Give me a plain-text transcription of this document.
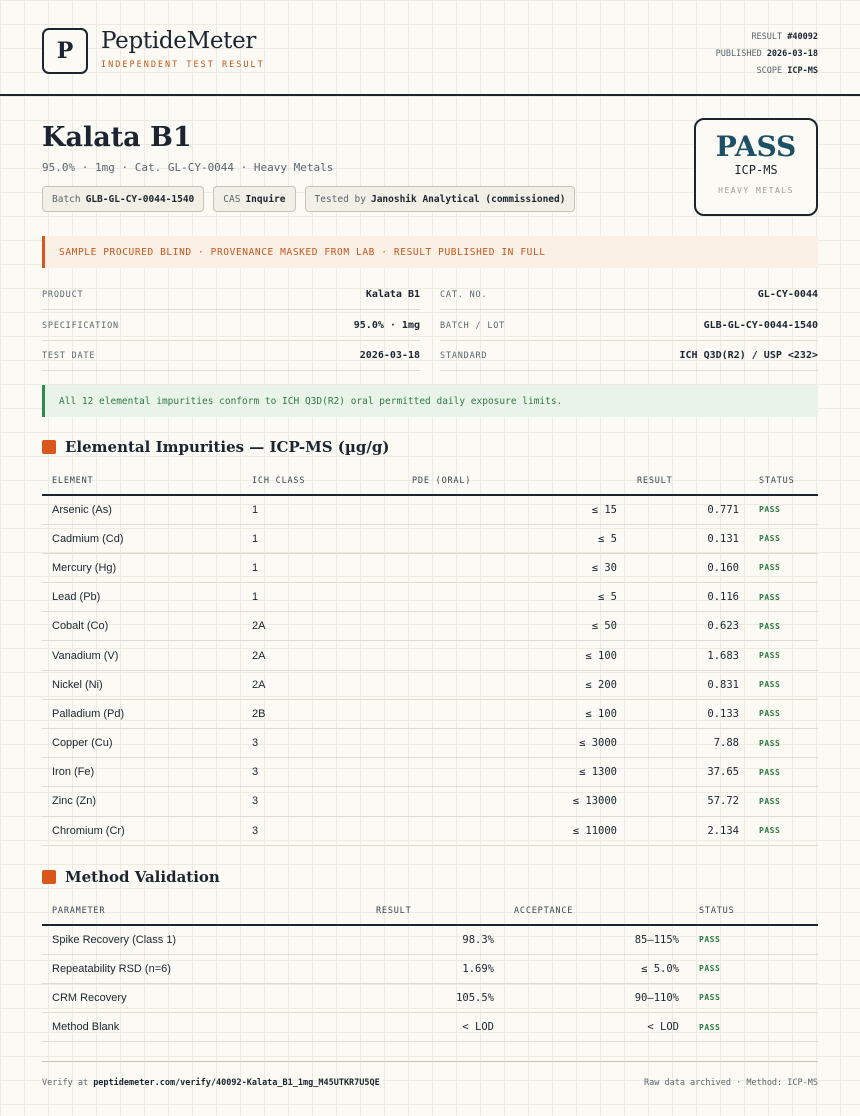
P	PeptideMeter
INDEPENDENT TEST RESULT
RESULT #40092
PUBLISHED 2026-03-18
SCOPE ICP-MS
Kalata B1
95.0% · 1mg · Cat. GL-CY-0044 · Heavy Metals
Batch GLB-GL-CY-0044-1540	CAS Inquire	Tested by Janoshik Analytical (commissioned)
PASS
ICP-MS
HEAVY METALS
SAMPLE PROCURED BLIND · PROVENANCE MASKED FROM LAB · RESULT PUBLISHED IN FULL
PRODUCT	Kalata B1 CAT. NO.	GL-CY-0044
SPECIFICATION	95.0% · 1mg BATCH / LOT	GLB-GL-CY-0044-1540
TEST DATE	2026-03-18 STANDARD	ICH Q3D(R2) / USP <232>
All 12 elemental impurities conform to ICH Q3D(R2) oral permitted daily exposure limits.
Elemental Impurities — ICP-MS (µg/g)
ELEMENT	ICH CLASS	PDE (ORAL)	RESULT	STATUS
Arsenic (As)	1	≤ 15	0.771	PASS
Cadmium (Cd)	1	≤ 5	0.131	PASS
Mercury (Hg)	1	≤ 30	0.160	PASS
Lead (Pb)	1	≤ 5	0.116	PASS
Cobalt (Co)	2A	≤ 50	0.623	PASS
Vanadium (V)	2A	≤ 100	1.683	PASS
Nickel (Ni)	2A	≤ 200	0.831	PASS
Palladium (Pd)	2B	≤ 100	0.133	PASS
Copper (Cu)	3	≤ 3000	7.88	PASS
Iron (Fe)	3	≤ 1300	37.65	PASS
Zinc (Zn)	3	≤ 13000	57.72	PASS
Chromium (Cr)	3	≤ 11000	2.134	PASS
Method Validation
PARAMETER	RESULT	ACCEPTANCE	STATUS
Spike Recovery (Class 1)	98.3%	85–115%	PASS
Repeatability RSD (n=6)	1.69%	≤ 5.0%	PASS
CRM Recovery	105.5%	90–110%	PASS
Method Blank	< LOD	< LOD	PASS
Verify at peptidemeter.com/verify/40092-Kalata_B1_1mg_M45UTKR7U5QE	Raw data archived · Method: ICP-MS
